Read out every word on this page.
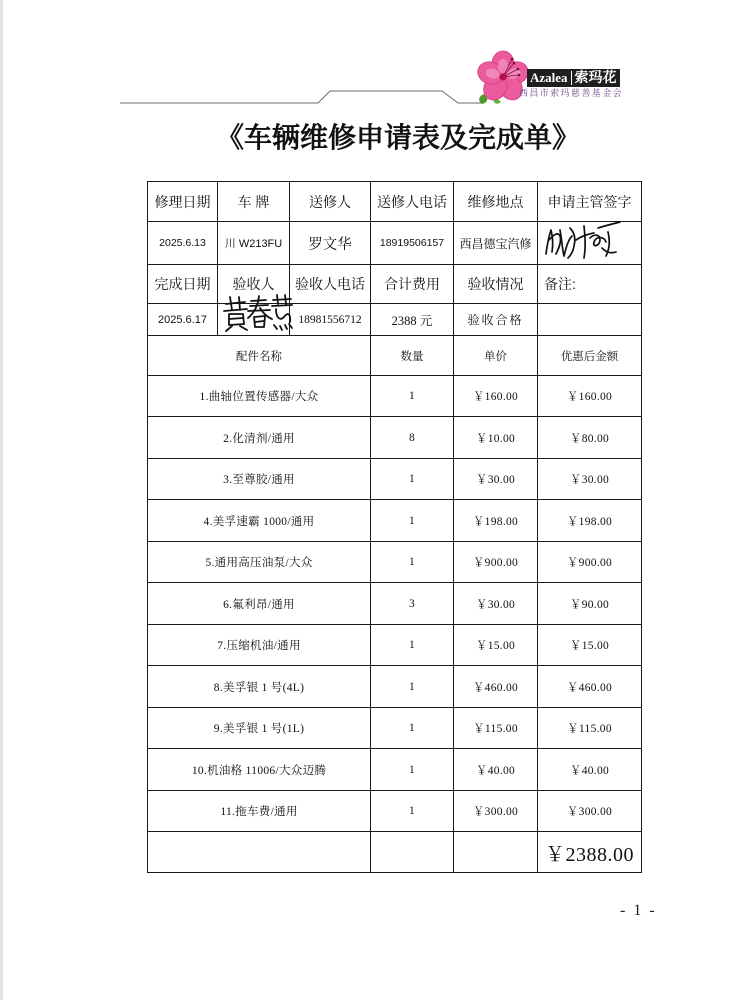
Azalea 索玛花
西昌市索玛慈善基金会
《车辆维修申请表及完成单》
修理日期	车 牌	送修人	送修人电话	维修地点	申请主管签字
2025.6.13	川 W213FU	罗文华	18919506157	西昌德宝汽修	
完成日期	验收人	验收人电话	合计费用	验收情况	备注:
2025.6.17		18981556712	2388 元	验收合格	
配件名称			数量	单价	优惠后金额
1.曲轴位置传感器/大众			1	￥160.00	￥160.00
2.化清剂/通用			8	￥10.00	￥80.00
3.至尊胶/通用			1	￥30.00	￥30.00
4.美孚速霸 1000/通用			1	￥198.00	￥198.00
5.通用高压油泵/大众			1	￥900.00	￥900.00
6.氟利昂/通用			3	￥30.00	￥90.00
7.压缩机油/通用			1	￥15.00	￥15.00
8.美孚银 1 号(4L)			1	￥460.00	￥460.00
9.美孚银 1 号(1L)			1	￥115.00	￥115.00
10.机油格 11006/大众迈腾			1	￥40.00	￥40.00
11.拖车费/通用			1	￥300.00	￥300.00
					￥2388.00
- 1 -
